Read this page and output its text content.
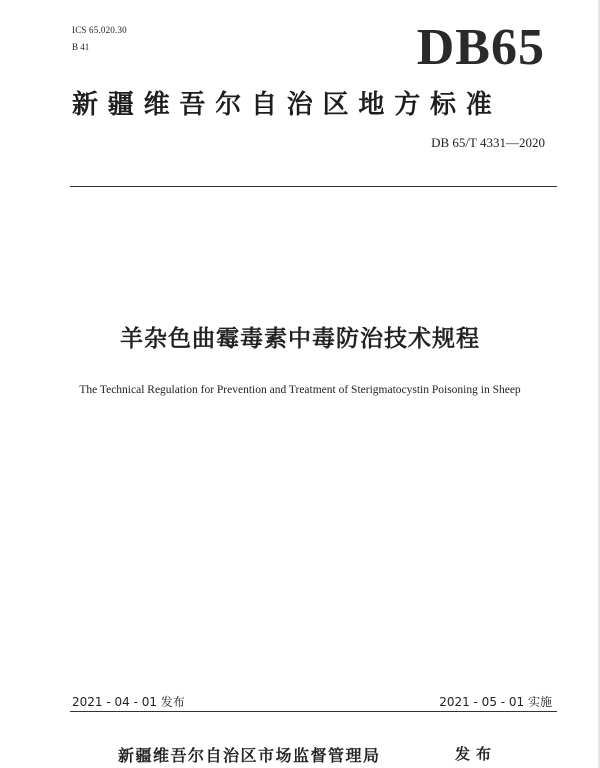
ICS 65.020.30
B 41	DB65
新疆维吾尔自治区地方标准
DB 65/T 4331—2020
羊杂色曲霉毒素中毒防治技术规程
The Technical Regulation for Prevention and Treatment of Sterigmatocystin Poisoning in Sheep
2021 - 04 - 01 发布	2021 - 05 - 01 实施
新疆维吾尔自治区市场监督管理局	发布
